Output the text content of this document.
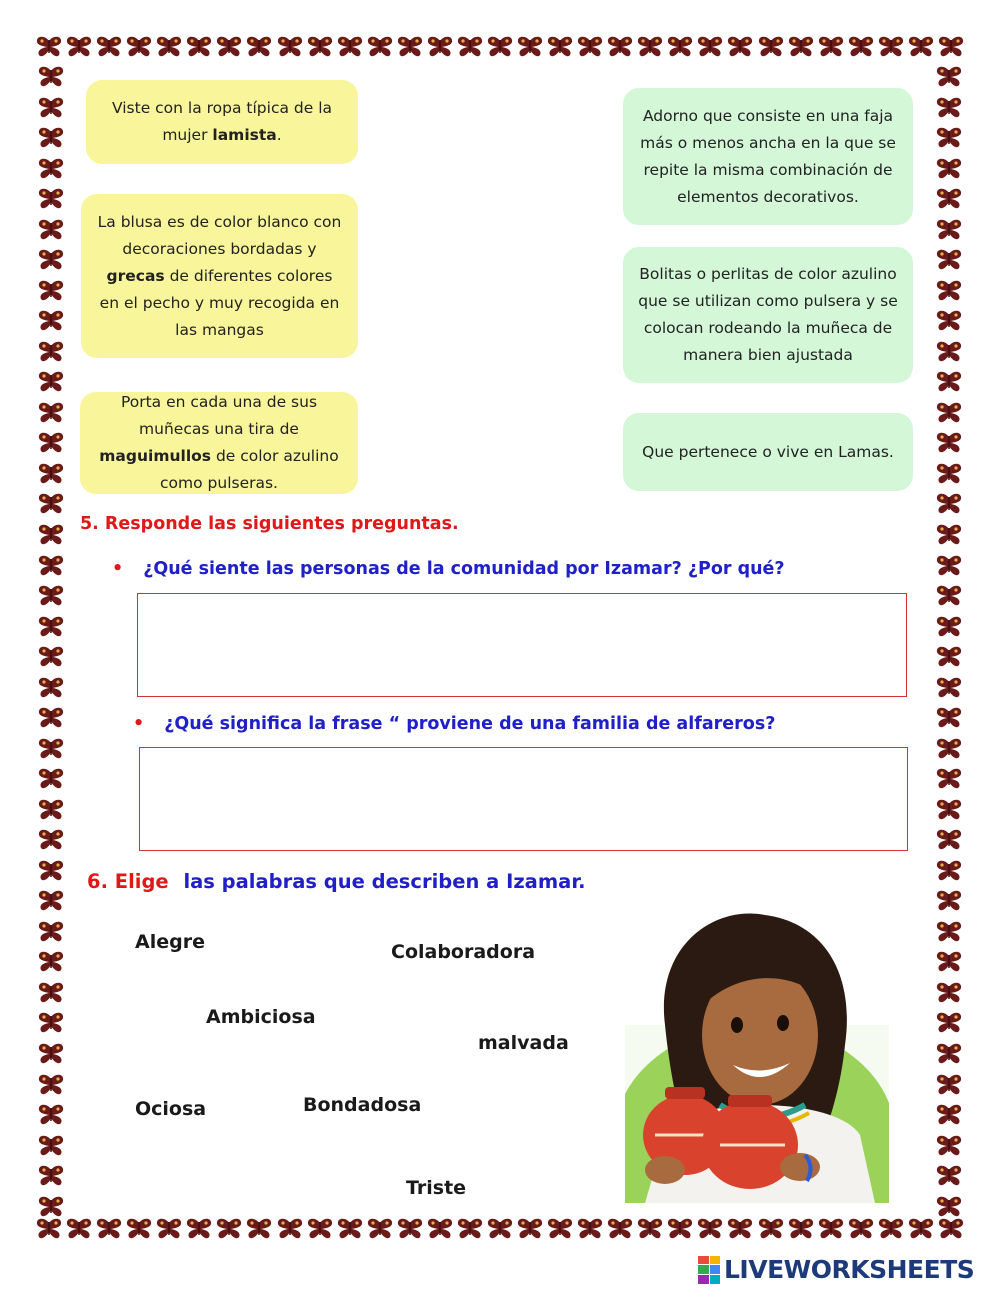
Viste con la ropa típica de la mujer lamista.
La blusa es de color blanco con decoraciones bordadas y grecas de diferentes colores en el pecho y muy recogida en las mangas
Porta en cada una de sus muñecas una tira de maguimullos de color azulino como pulseras.
Adorno que consiste en una faja más o menos ancha en la que se repite la misma combinación de elementos decorativos.
Bolitas o perlitas de color azulino que se utilizan como pulsera y se colocan rodeando la muñeca de manera bien ajustada
Que pertenece o vive en Lamas.
5. Responde las siguientes preguntas.
• ¿Qué siente las personas de la comunidad por Izamar? ¿Por qué?
• ¿Qué significa la frase “ proviene de una familia de alfareros?
6. Elige las palabras que describen a Izamar.
Alegre	Colaboradora
Ambiciosa
malvada
Ociosa	Bondadosa
Triste
LIVEWORKSHEETS
